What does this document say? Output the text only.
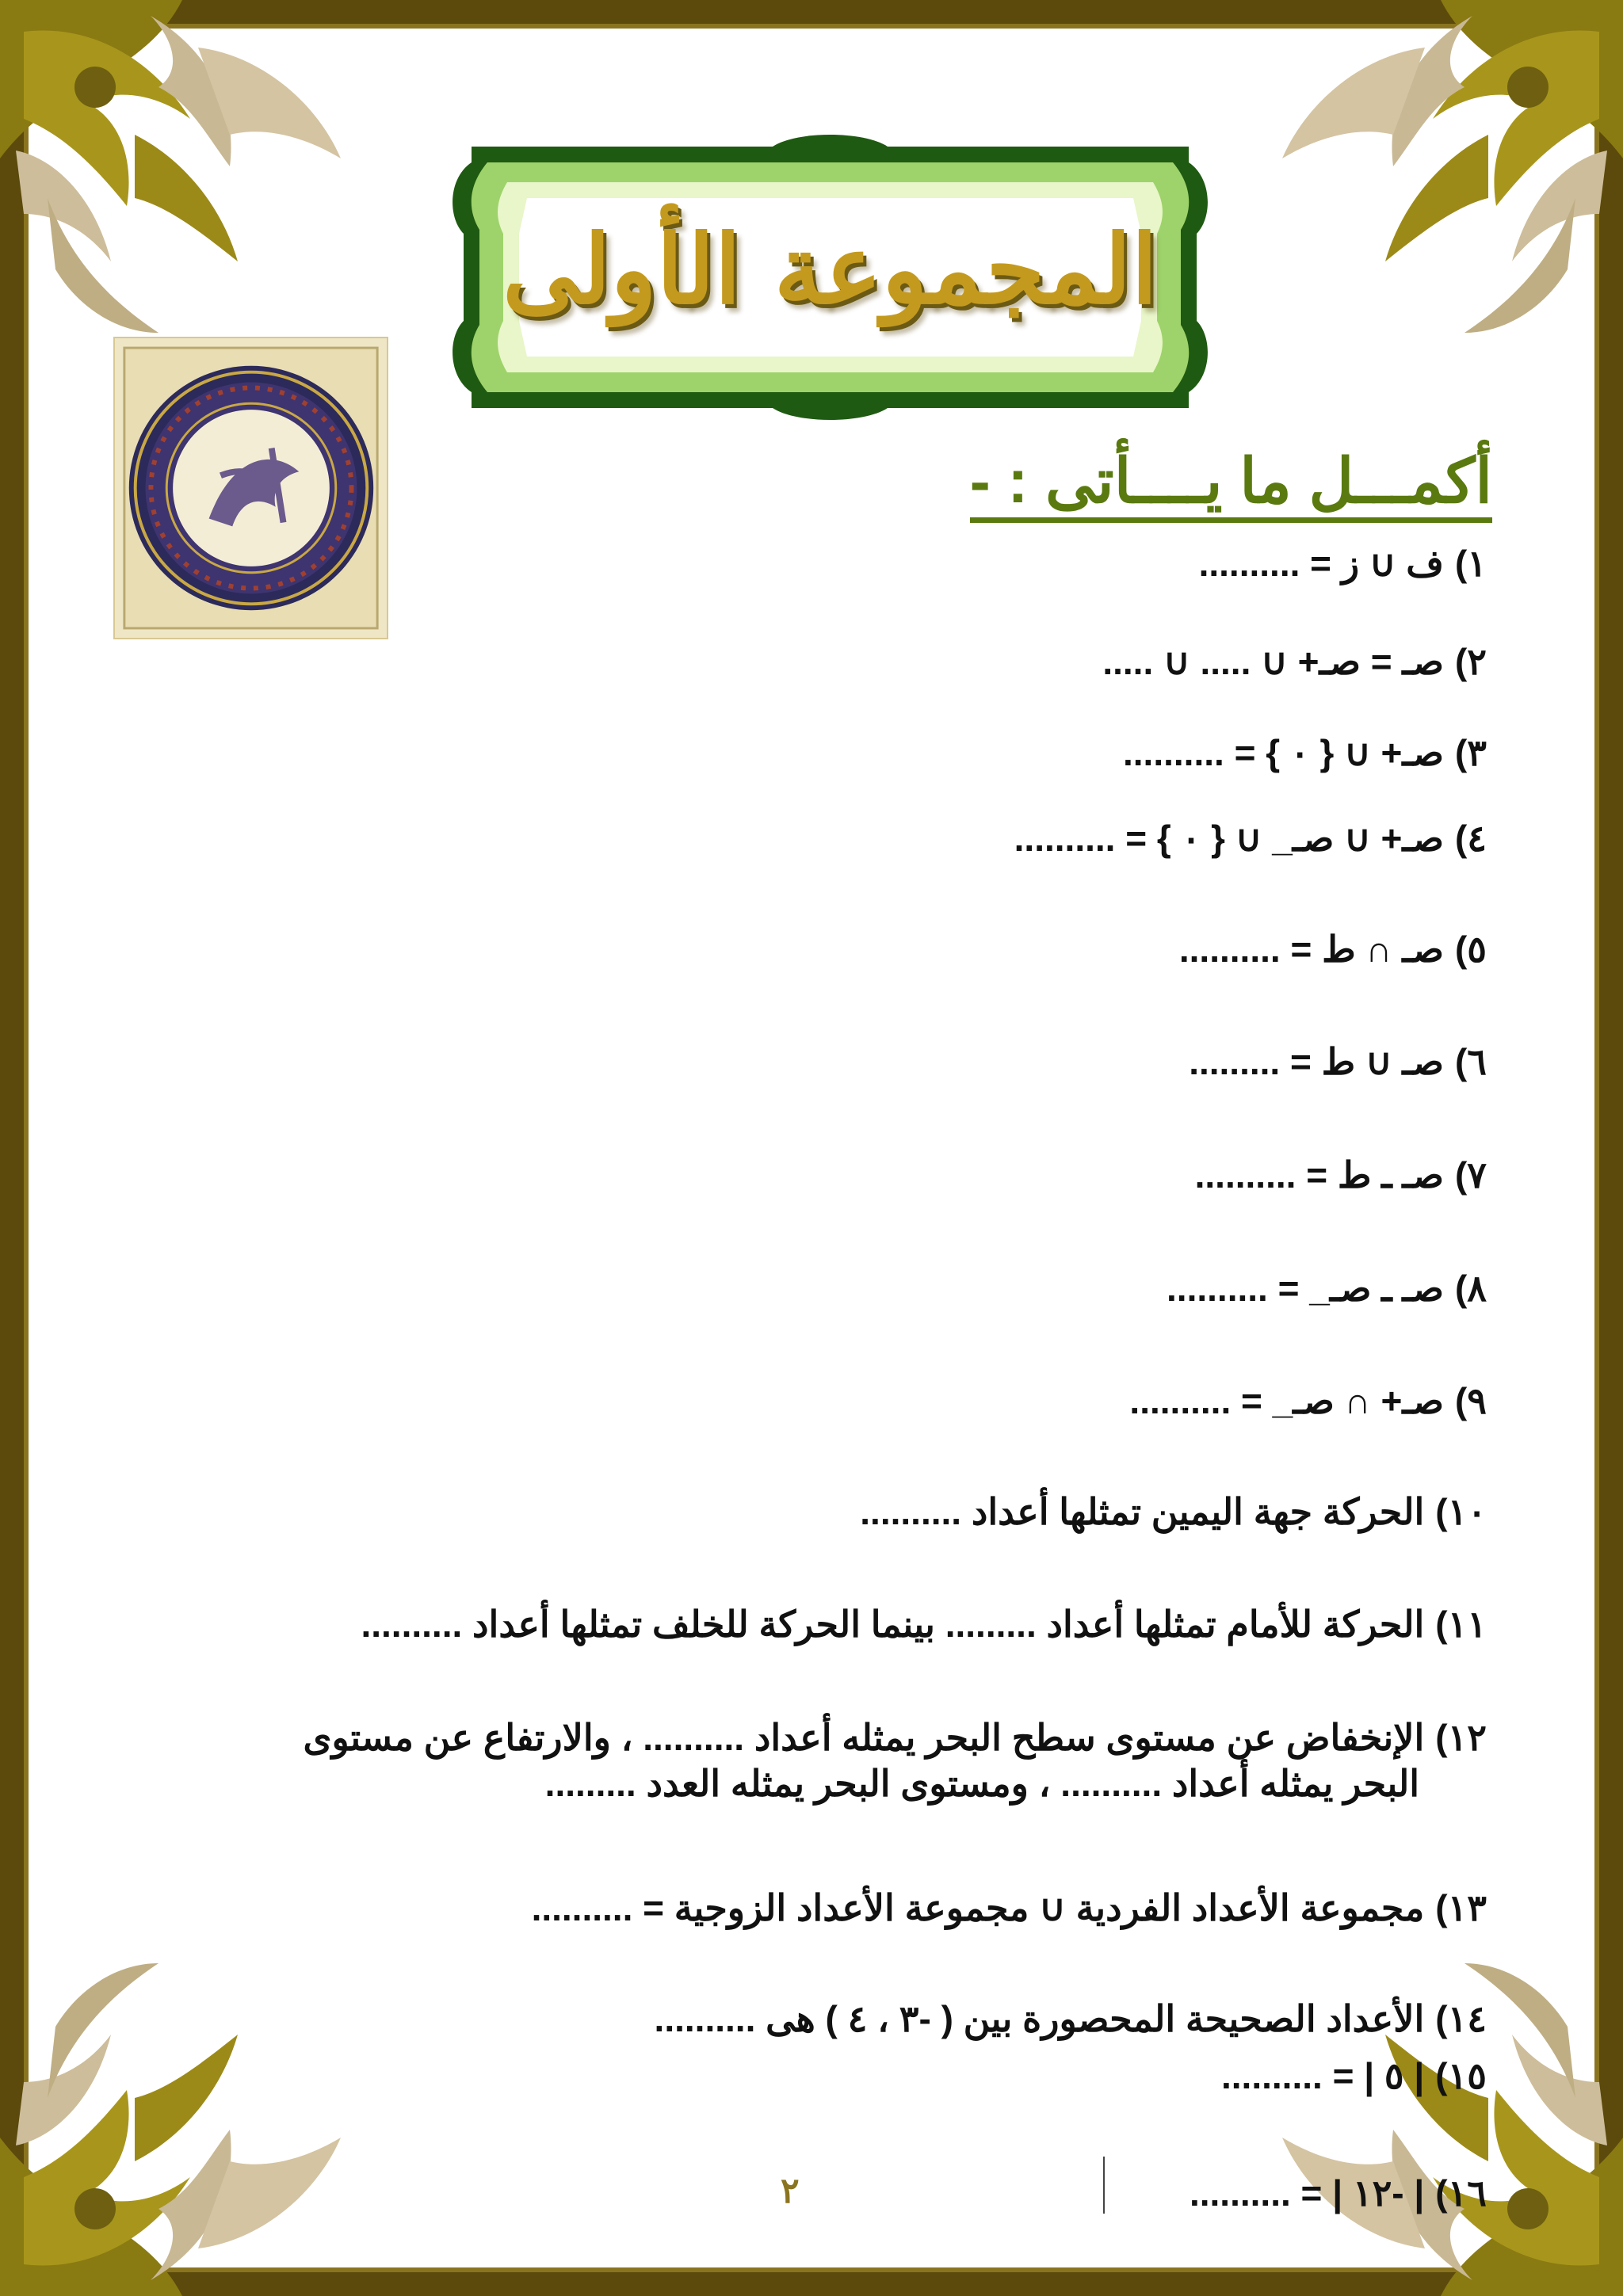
المجموعة الأولى
أكمـــل ما يــــأتى : -
١)ف ∪ ز = ..........
٢)صـ = صـ+ ∪ ..... ∪ .....
٣)صـ+ ∪ { ٠ } = ..........
٤)صـ+ ∪ صـ_ ∪ { ٠ } = ..........
٥)صـ ∩ ط = ..........
٦)صـ ∪ ط = .........
٧)صـ ـ ط = ..........
٨)صـ ـ صـ_ = ..........
٩)صـ+ ∩ صـ_ = ..........
١٠)الحركة جهة اليمين تمثلها أعداد ..........
١١)الحركة للأمام تمثلها أعداد ......... بينما الحركة للخلف تمثلها أعداد ..........
١٢)الإنخفاض عن مستوى سطح البحر يمثله أعداد .......... ، والارتفاع عن مستوى
البحر يمثله أعداد .......... ، ومستوى البحر يمثله العدد .........
١٣)مجموعة الأعداد الفردية ∪ مجموعة الأعداد الزوجية = ..........
١٤)الأعداد الصحيحة المحصورة بين ( -٣ ، ٤ ) هى ..........
١٥)| ٥ | = ..........
١٦)| -١٢ | = ..........
٢
